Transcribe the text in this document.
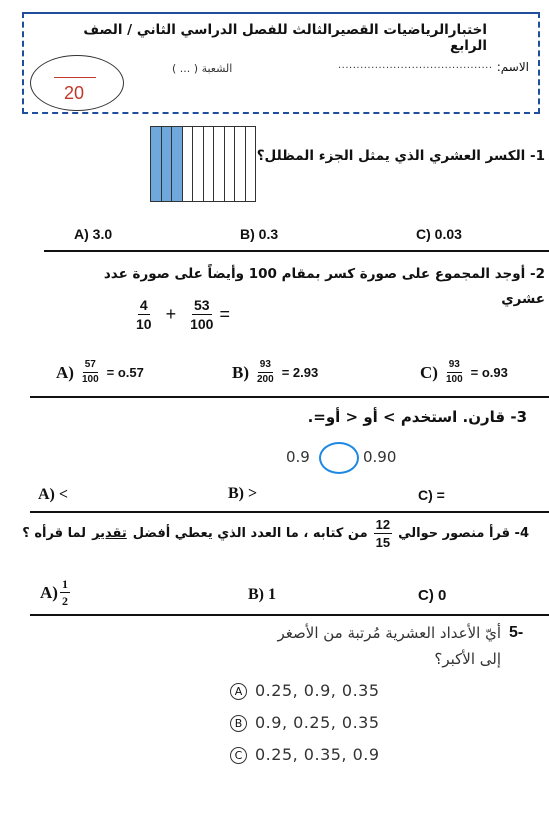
اختبارالرياضيات القصيرالثالث للفصل الدراسي الثاني / الصف الرابع
الاسم:
..........................................
الشعبة ( ... )
20
1- الكسر العشري الذي يمثل الجزء المظلل؟
A) 3.0	B) 0.3	C) 0.03
2- أوجد المجموع على صورة كسر بمقام 100 وأيضاً على صورة عدد
عشري
$\frac{4}{10} + \frac{53}{100}$ =
$A) \frac{57}{100} = o.57$	$B) \frac{93}{200} = 2.93$	$C) \frac{93}{100} = o.93$
3- قارن. استخدم > أو < أو=.
0.9	0.90
A) <	B) >	C) =
4- قرأ منصور حوالي
$\frac{12}{15}$
من كتابه ، ما العدد الذي يعطي أفضل
تقدير
لما قرأه ؟
$A) \frac{1}{2}$	B) 1	C) 0
5-
أيّ الأعداد العشرية مُرتبة من الأصغر
إلى الأكبر؟
A 0.25, 0.9, 0.35
B 0.9, 0.25, 0.35
C 0.25, 0.35, 0.9
